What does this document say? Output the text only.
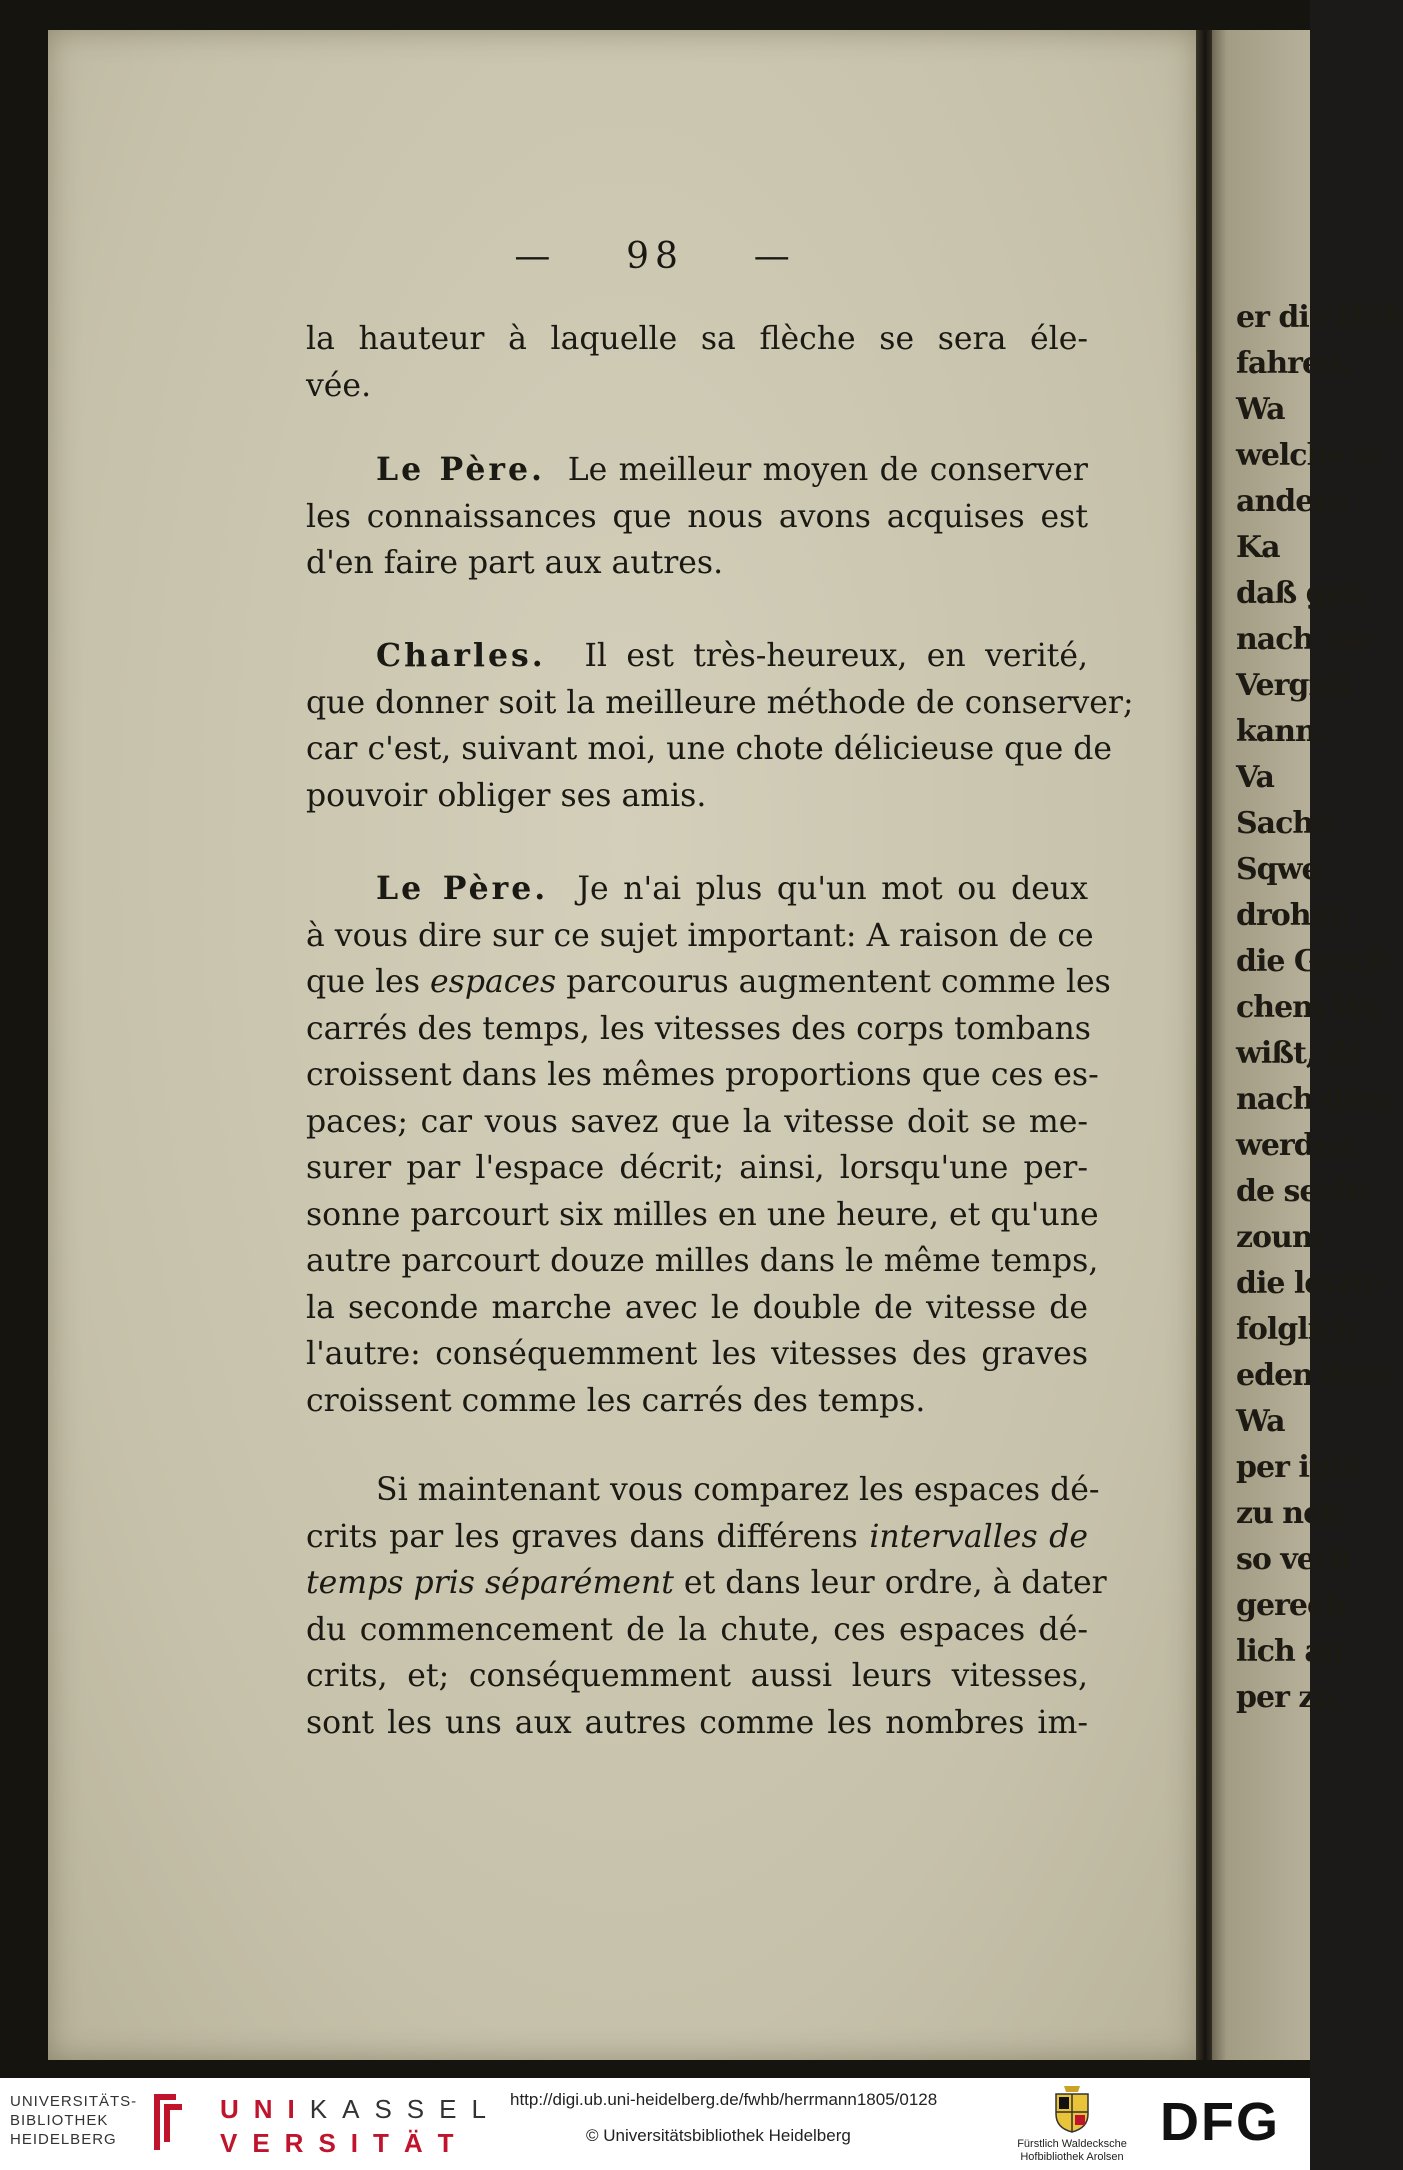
er die Höh
fahren.
Wa
welche w
andern
Ka
daß geb
nach me
Vergnü
kann.
Va
Sache
Sqwe
drohen
die Gesch
chem Wa
wißt, da
nach dem
werden
de sechs
zoum
die letzte
folglich
eden dem
Wa
per inte
zu neh
so verh
gerech
lich au
per zu
— 98 —
la hauteur à laquelle sa flèche se sera éle-
vée.
Le Père. Le meilleur moyen de conserver
les connaissances que nous avons acquises est
d'en faire part aux autres.
Charles. Il est très-heureux, en verité,
que donner soit la meilleure méthode de conserver;
car c'est, suivant moi, une chote délicieuse que de
pouvoir obliger ses amis.
Le Père. Je n'ai plus qu'un mot ou deux
à vous dire sur ce sujet important: A raison de ce
que les espaces parcourus augmentent comme les
carrés des temps, les vitesses des corps tombans
croissent dans les mêmes proportions que ces es-
paces; car vous savez que la vitesse doit se me-
surer par l'espace décrit; ainsi, lorsqu'une per-
sonne parcourt six milles en une heure, et qu'une
autre parcourt douze milles dans le même temps,
la seconde marche avec le double de vitesse de
l'autre: conséquemment les vitesses des graves
croissent comme les carrés des temps.
Si maintenant vous comparez les espaces dé-
crits par les graves dans différens intervalles de
temps pris séparément et dans leur ordre, à dater
du commencement de la chute, ces espaces dé-
crits, et; conséquemment aussi leurs vitesses,
sont les uns aux autres comme les nombres im-
UNIVERSITÄTS-
BIBLIOTHEK
HEIDELBERG
UNIKASSEL
VERSITÄT
http://digi.ub.uni-heidelberg.de/fwhb/herrmann1805/0128
© Universitätsbibliothek Heidelberg	Fürstlich Waldecksche
Hofbibliothek Arolsen
DFG
